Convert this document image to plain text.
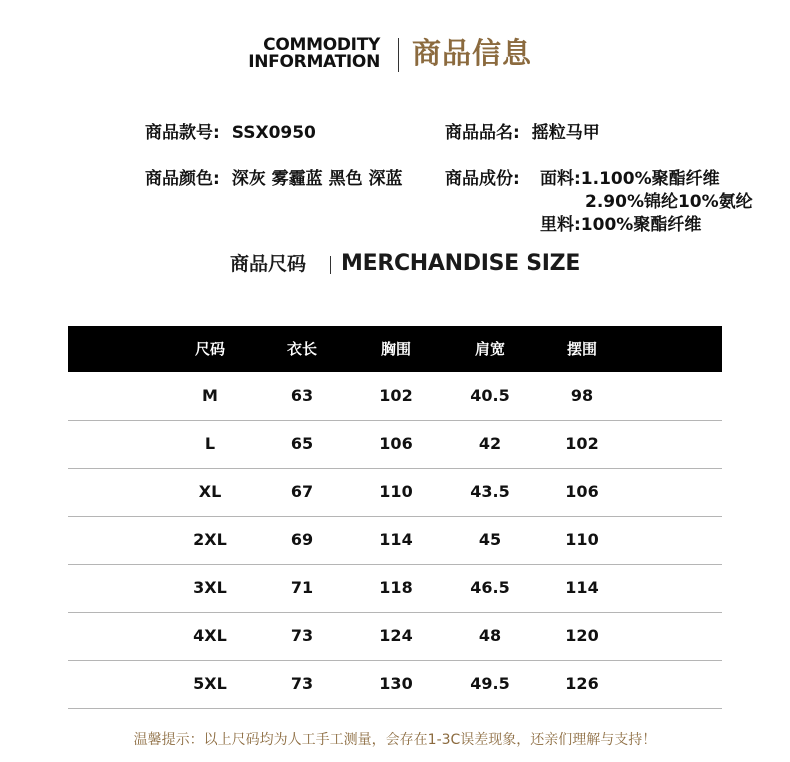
COMMODITY
INFORMATION 商品信息
商品款号: SSX0950	商品品名: 摇粒马甲
商品颜色: 深灰 雾霾蓝 黑色 深蓝	商品成份: 面料:1.100%聚酯纤维
2.90%锦纶10%氨纶
里料:100%聚酯纤维
商品尺码 MERCHANDISE SIZE
尺码	衣长	胸围	肩宽	摆围
M	63	102	40.5	98
L	65	106	42	102
XL	67	110	43.5	106
2XL	69	114	45	110
3XL	71	118	46.5	114
4XL	73	124	48	120
5XL	73	130	49.5	126
温馨提示：以上尺码均为人工手工测量，会存在1-3C误差现象，还亲们理解与支持！
